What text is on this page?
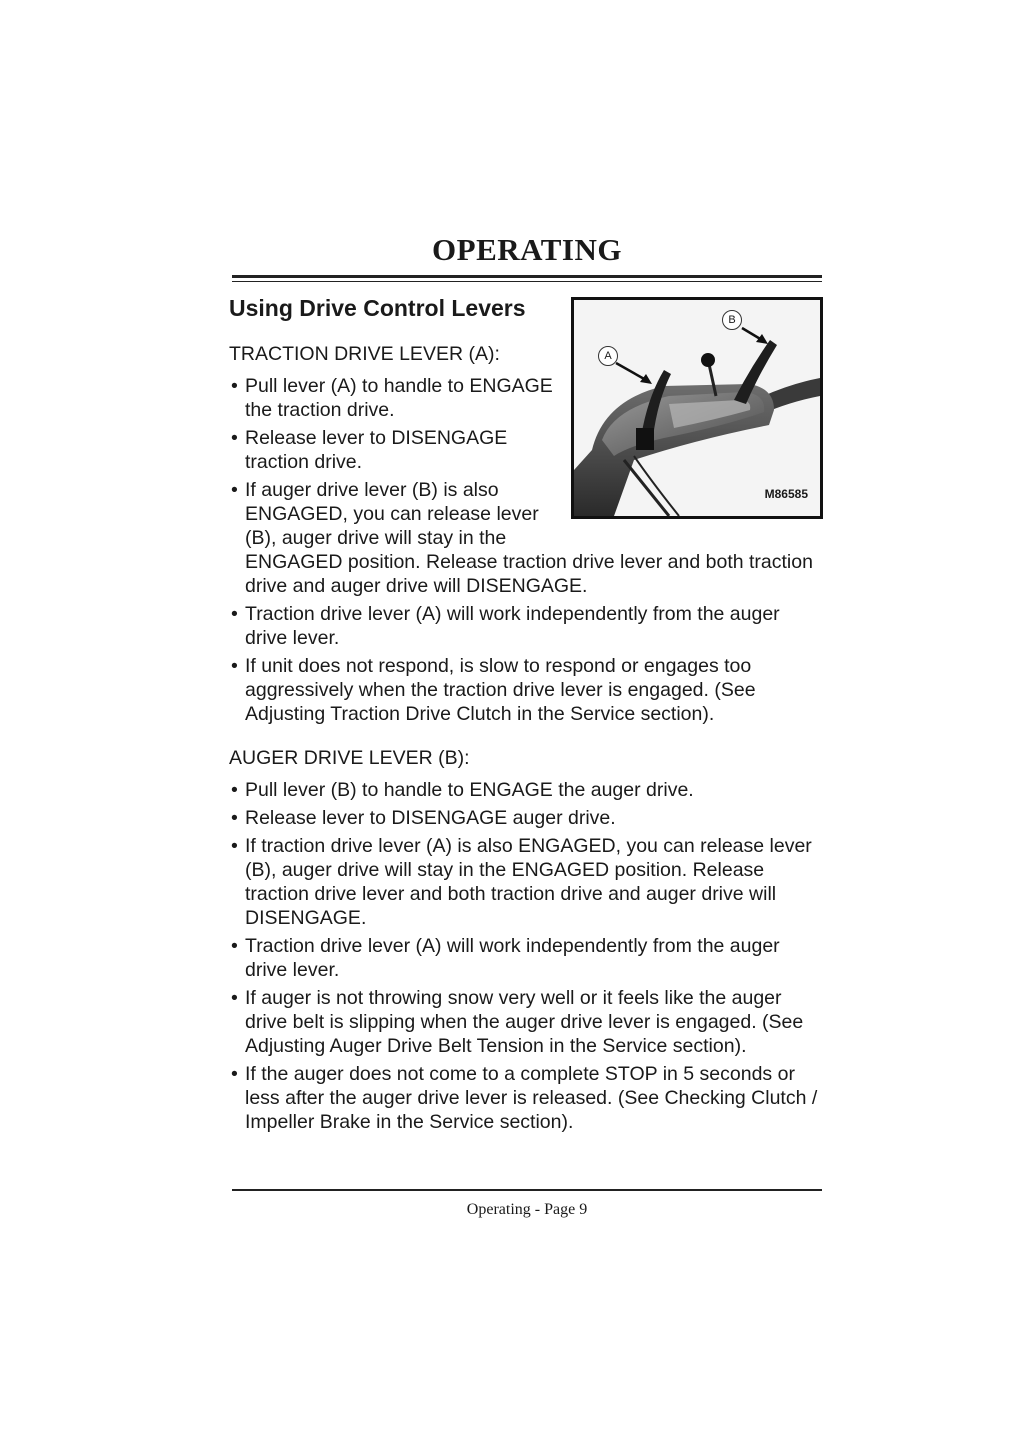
OPERATING
A
B
M86585
Using Drive Control Levers
TRACTION DRIVE LEVER (A):
• Pull lever (A) to handle to ENGAGE the traction drive.
• Release lever to DISENGAGE traction drive.
• If auger drive lever (B) is also ENGAGED, you can release lever (B), auger drive will stay in the ENGAGED position. Release traction drive lever and both traction drive and auger drive will DISENGAGE.
• Traction drive lever (A) will work independently from the auger drive lever.
• If unit does not respond, is slow to respond or engages too aggressively when the traction drive lever is engaged. (See Adjusting Traction Drive Clutch in the Service section).
AUGER DRIVE LEVER (B):
• Pull lever (B) to handle to ENGAGE the auger drive.
• Release lever to DISENGAGE auger drive.
• If traction drive lever (A) is also ENGAGED, you can release lever (B), auger drive will stay in the ENGAGED position. Release traction drive lever and both traction drive and auger drive will DISENGAGE.
• Traction drive lever (A) will work independently from the auger drive lever.
• If auger is not throwing snow very well or it feels like the auger drive belt is slipping when the auger drive lever is engaged. (See Adjusting Auger Drive Belt Tension in the Service section).
• If the auger does not come to a complete STOP in 5 seconds or less after the auger drive lever is released. (See Checking Clutch / Impeller Brake in the Service section).
Operating - Page 9
